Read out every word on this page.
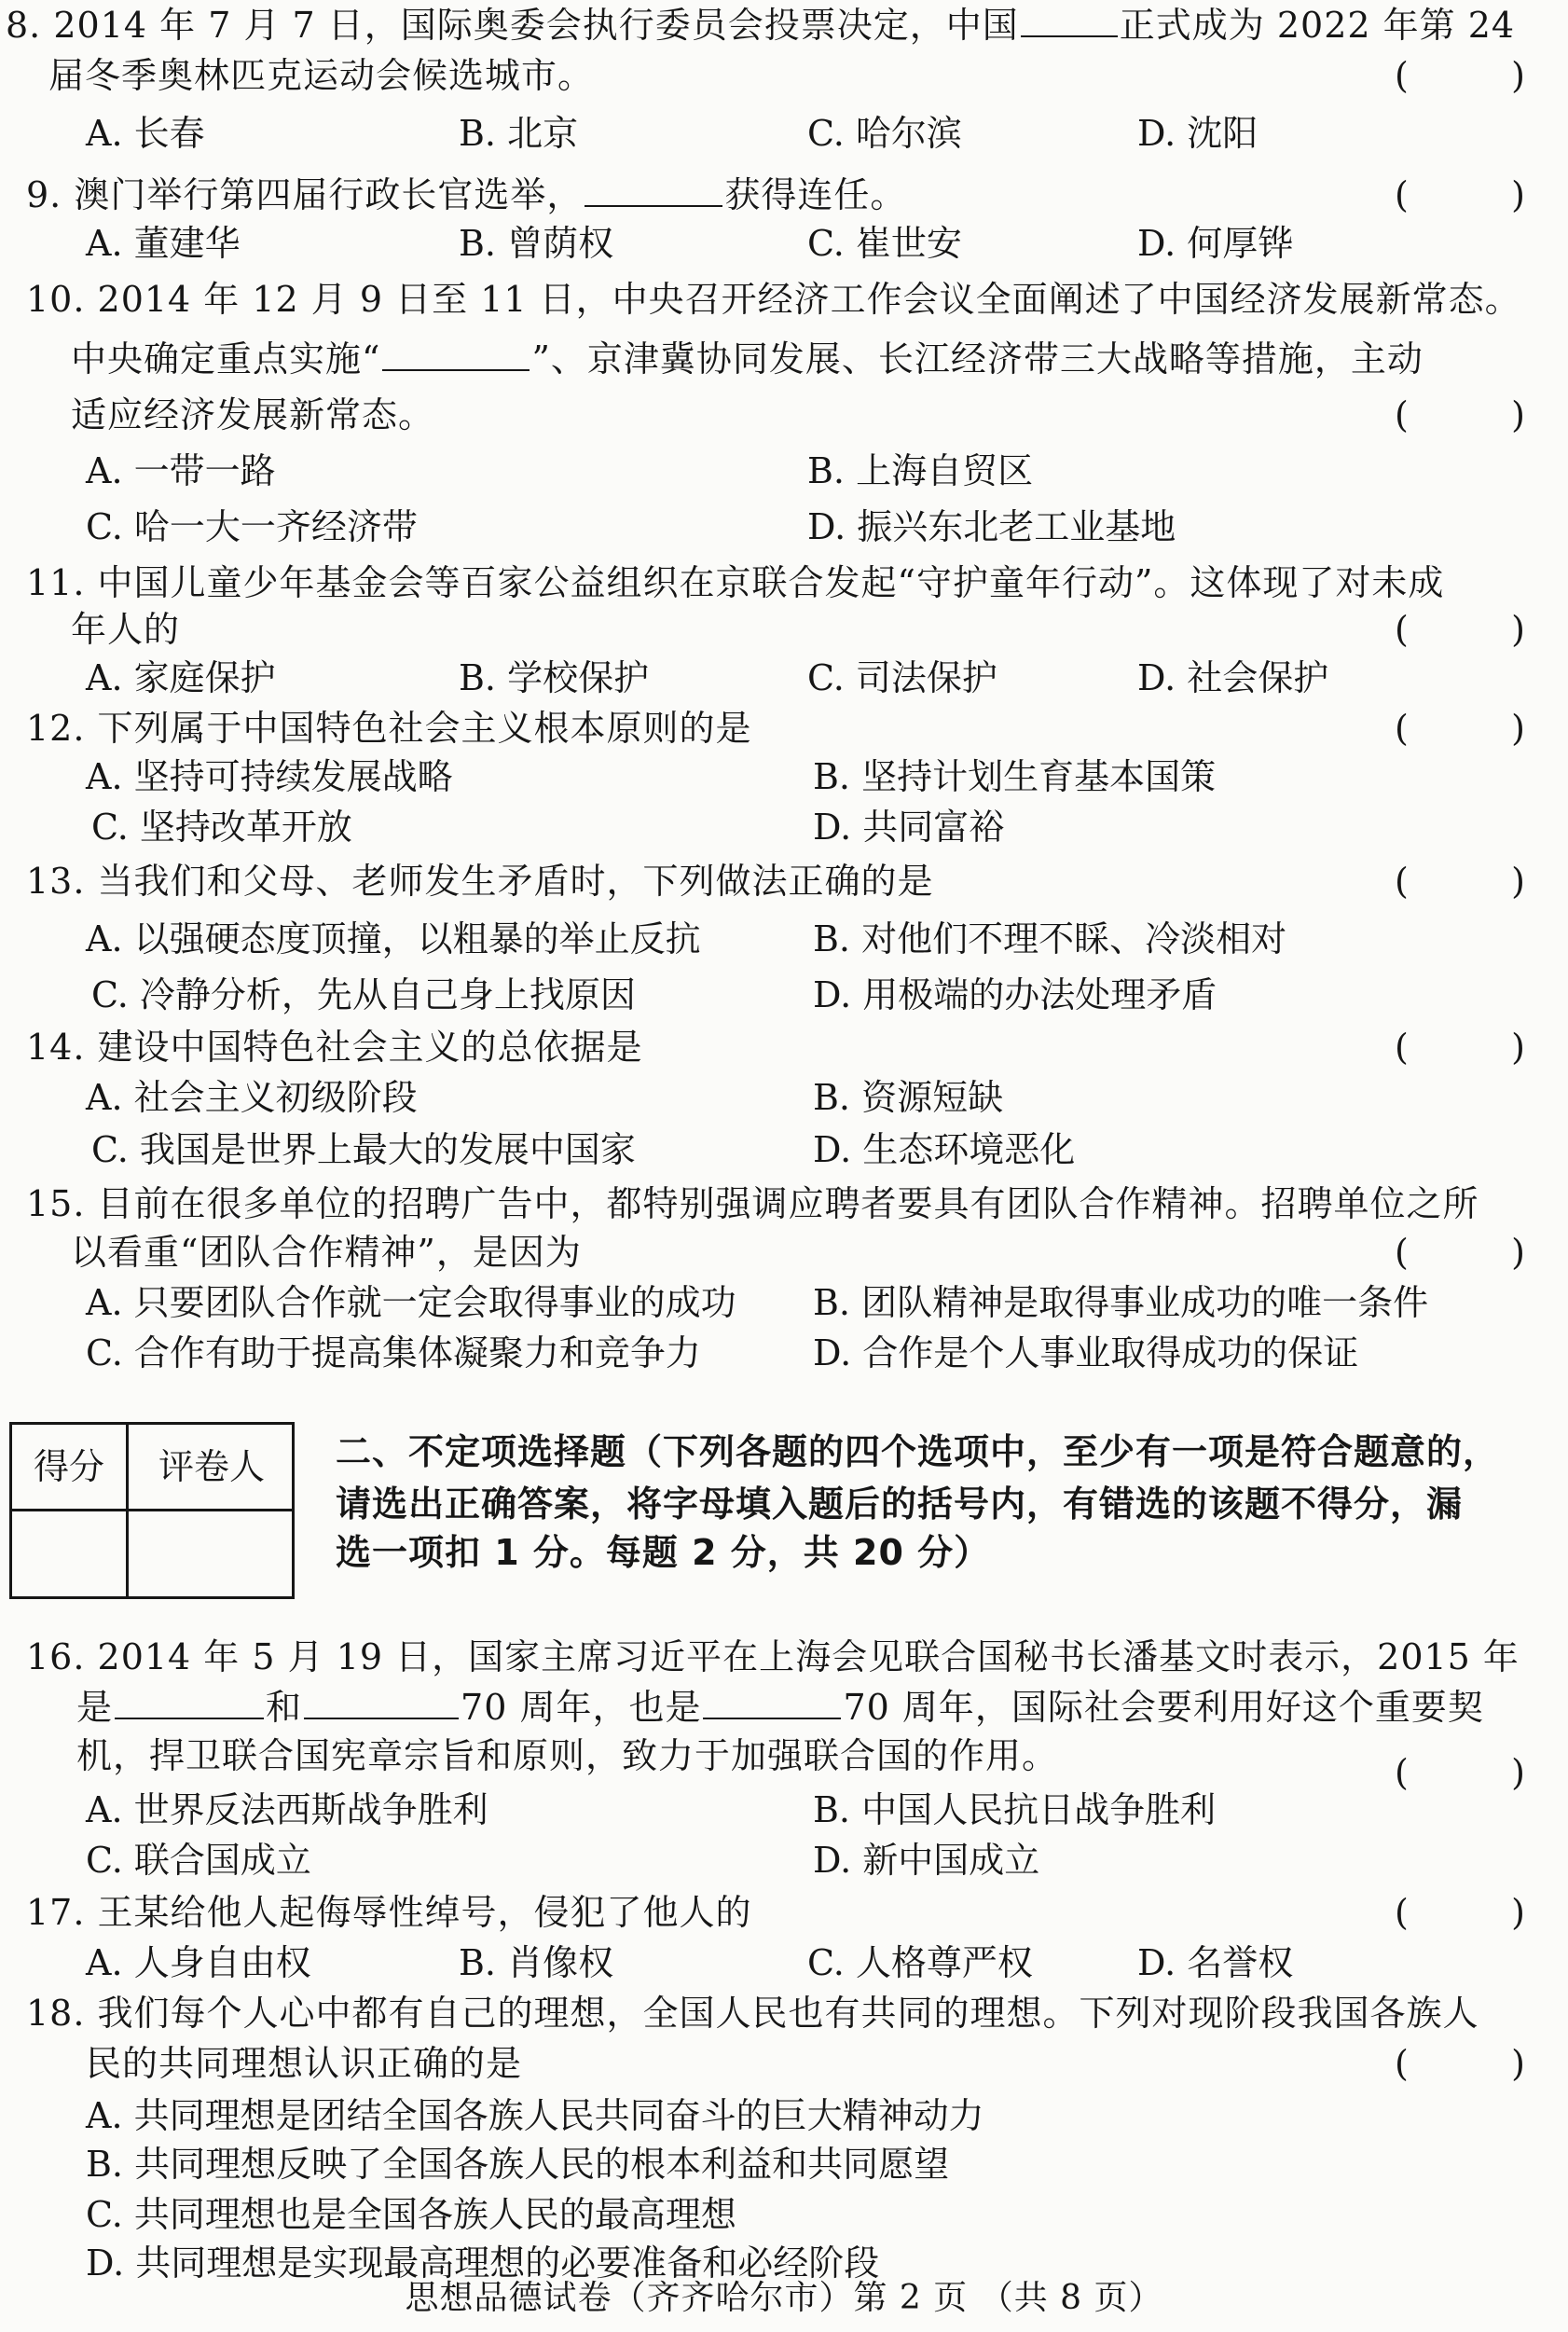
8. 2014 年 7 月 7 日，国际奥委会执行委员会投票决定，中国	正式成为 2022 年第 24
届冬季奥林匹克运动会候选城市。	(	)
A. 长春	B. 北京	C. 哈尔滨	D. 沈阳
9. 澳门举行第四届行政长官选举，	获得连任。	(	)
A. 董建华	B. 曾荫权	C. 崔世安	D. 何厚铧
10. 2014 年 12 月 9 日至 11 日，中央召开经济工作会议全面阐述了中国经济发展新常态。
中央确定重点实施“	”、京津冀协同发展、长江经济带三大战略等措施，主动
适应经济发展新常态。	(	)
A. 一带一路	B. 上海自贸区
C. 哈一大一齐经济带	D. 振兴东北老工业基地
11. 中国儿童少年基金会等百家公益组织在京联合发起“守护童年行动”。这体现了对未成
年人的	(	)
A. 家庭保护	B. 学校保护	C. 司法保护	D. 社会保护
12. 下列属于中国特色社会主义根本原则的是	(	)
A. 坚持可持续发展战略	B. 坚持计划生育基本国策
C. 坚持改革开放	D. 共同富裕
13. 当我们和父母、老师发生矛盾时，下列做法正确的是	(	)
A. 以强硬态度顶撞，以粗暴的举止反抗	B. 对他们不理不睬、冷淡相对
C. 冷静分析，先从自己身上找原因	D. 用极端的办法处理矛盾
14. 建设中国特色社会主义的总依据是	(	)
A. 社会主义初级阶段	B. 资源短缺
C. 我国是世界上最大的发展中国家	D. 生态环境恶化
15. 目前在很多单位的招聘广告中，都特别强调应聘者要具有团队合作精神。招聘单位之所
以看重“团队合作精神”，是因为	(	)
A. 只要团队合作就一定会取得事业的成功 B. 团队精神是取得事业成功的唯一条件
C. 合作有助于提高集体凝聚力和竞争力	D. 合作是个人事业取得成功的保证
得分	评卷人	二、不定项选择题（下列各题的四个选项中，至少有一项是符合题意的，
请选出正确答案，将字母填入题后的括号内，有错选的该题不得分，漏
选一项扣 1 分。每题 2 分，共 20 分）
16. 2014 年 5 月 19 日，国家主席习近平在上海会见联合国秘书长潘基文时表示，2015 年
是	和	70 周年，也是	70 周年，国际社会要利用好这个重要契
机，捍卫联合国宪章宗旨和原则，致力于加强联合国的作用。	(	)
A. 世界反法西斯战争胜利	B. 中国人民抗日战争胜利
C. 联合国成立	D. 新中国成立
17. 王某给他人起侮辱性绰号，侵犯了他人的	(	)
A. 人身自由权	B. 肖像权	C. 人格尊严权	D. 名誉权
18. 我们每个人心中都有自己的理想，全国人民也有共同的理想。下列对现阶段我国各族人
民的共同理想认识正确的是	(	)
A. 共同理想是团结全国各族人民共同奋斗的巨大精神动力
B. 共同理想反映了全国各族人民的根本利益和共同愿望
C. 共同理想也是全国各族人民的最高理想
D. 共同理想是实现最高理想的必要准备和必经阶段
思想品德试卷（齐齐哈尔市）第 2 页 （共 8 页）
